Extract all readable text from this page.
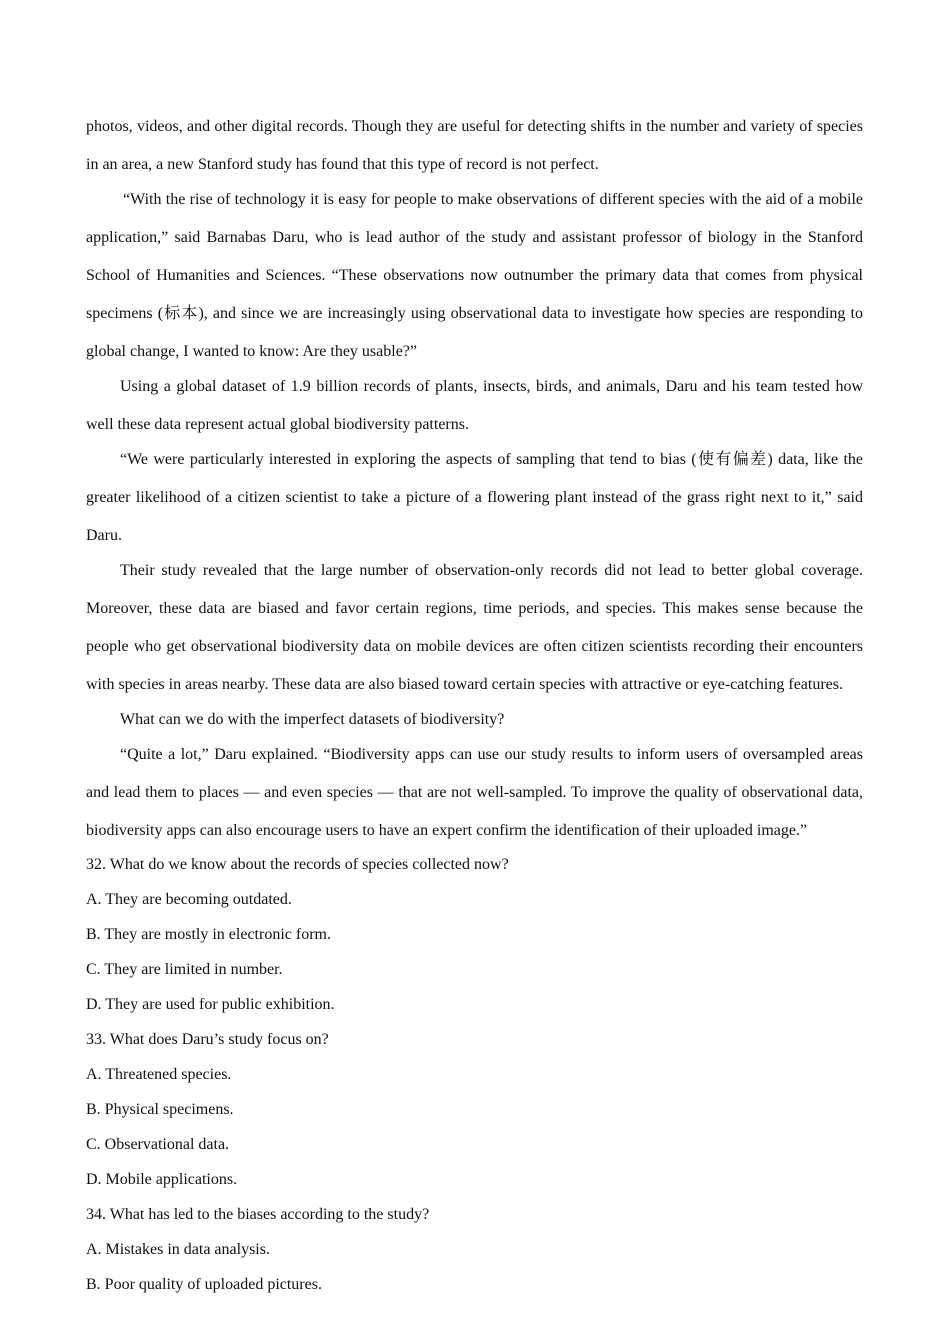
photos, videos, and other digital records. Though they are useful for detecting shifts in the number and variety of species in an area, a new Stanford study has found that this type of record is not perfect.

“With the rise of technology it is easy for people to make observations of different species with the aid of a mobile application,” said Barnabas Daru, who is lead author of the study and assistant professor of biology in the Stanford School of Humanities and Sciences. “These observations now outnumber the primary data that comes from physical specimens (标本), and since we are increasingly using observational data to investigate how species are responding to global change, I wanted to know: Are they usable?”

Using a global dataset of 1.9 billion records of plants, insects, birds, and animals, Daru and his team tested how well these data represent actual global biodiversity patterns.

“We were particularly interested in exploring the aspects of sampling that tend to bias (使有偏差) data, like the greater likelihood of a citizen scientist to take a picture of a flowering plant instead of the grass right next to it,” said Daru.

Their study revealed that the large number of observation-only records did not lead to better global coverage. Moreover, these data are biased and favor certain regions, time periods, and species. This makes sense because the people who get observational biodiversity data on mobile devices are often citizen scientists recording their encounters with species in areas nearby. These data are also biased toward certain species with attractive or eye-catching features.

What can we do with the imperfect datasets of biodiversity?

“Quite a lot,” Daru explained. “Biodiversity apps can use our study results to inform users of oversampled areas and lead them to places — and even species — that are not well-sampled. To improve the quality of observational data, biodiversity apps can also encourage users to have an expert confirm the identification of their uploaded image.”

32. What do we know about the records of species collected now?

A. They are becoming outdated.
B. They are mostly in electronic form.
C. They are limited in number.
D. They are used for public exhibition.

33. What does Daru’s study focus on?

A. Threatened species.
B. Physical specimens.
C. Observational data.
D. Mobile applications.

34. What has led to the biases according to the study?

A. Mistakes in data analysis.
B. Poor quality of uploaded pictures.
